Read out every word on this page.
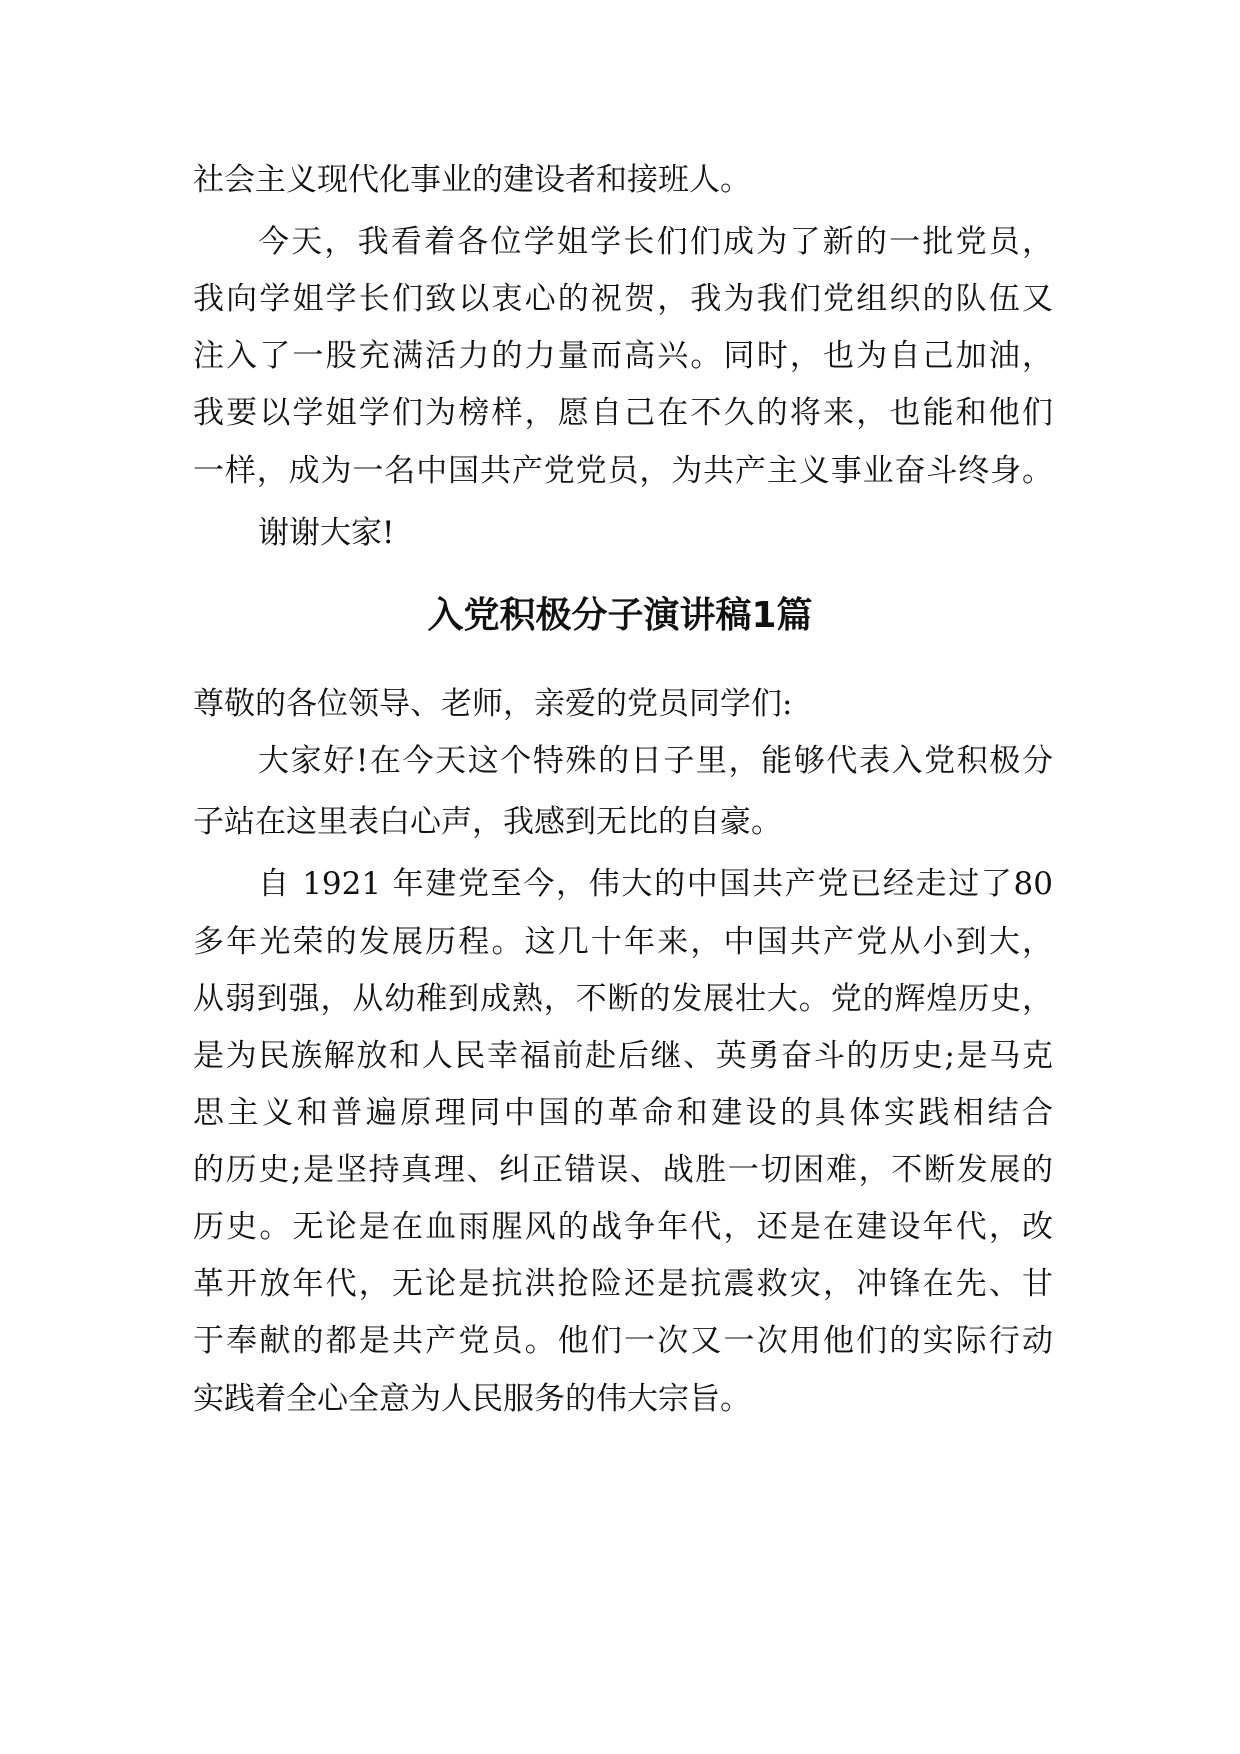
社会主义现代化事业的建设者和接班人。
今天，我看着各位学姐学长们们成为了新的一批党员，
我向学姐学长们致以衷心的祝贺，我为我们党组织的队伍又
注入了一股充满活力的力量而高兴。同时，也为自己加油，
我要以学姐学们为榜样，愿自己在不久的将来，也能和他们
一样，成为一名中国共产党党员，为共产主义事业奋斗终身。
谢谢大家!
入党积极分子演讲稿1篇
尊敬的各位领导、老师，亲爱的党员同学们:
大家好!在今天这个特殊的日子里，能够代表入党积极分
子站在这里表白心声，我感到无比的自豪。
自 1921 年建党至今，伟大的中国共产党已经走过了80
多年光荣的发展历程。这几十年来，中国共产党从小到大，
从弱到强，从幼稚到成熟，不断的发展壮大。党的辉煌历史，
是为民族解放和人民幸福前赴后继、英勇奋斗的历史;是马克
思主义和普遍原理同中国的革命和建设的具体实践相结合
的历史;是坚持真理、纠正错误、战胜一切困难，不断发展的
历史。无论是在血雨腥风的战争年代，还是在建设年代，改
革开放年代，无论是抗洪抢险还是抗震救灾，冲锋在先、甘
于奉献的都是共产党员。他们一次又一次用他们的实际行动
实践着全心全意为人民服务的伟大宗旨。
